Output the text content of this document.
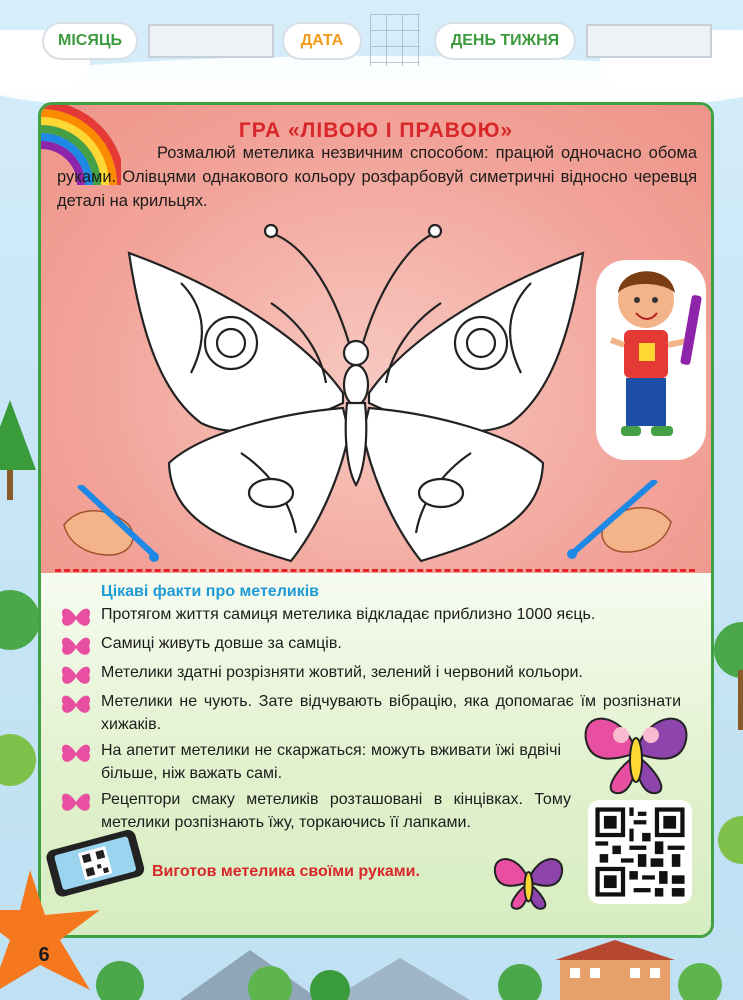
МІСЯЦЬ	ДАТА	ДЕНЬ ТИЖНЯ
ГРА «ЛІВОЮ І ПРАВОЮ»
Розмалюй метелика незвичним способом: працюй одночасно обома руками. Олівцями однакового кольору розфарбовуй симетричні відносно черевця деталі на крильцях.
Цікаві факти про метеликів
Протягом життя самиця метелика відкладає приблизно 1000 яєць.
Самиці живуть довше за самців.
Метелики здатні розрізняти жовтий, зелений і червоний кольори.
Метелики не чують. Зате відчувають вібрацію, яка допомагає їм розпізнати хижаків.
На апетит метелики не скаржаться: можуть вживати їжі вдвічі більше, ніж важать самі.
Рецептори смаку метеликів розташовані в кінцівках. Тому метелики розпізнають їжу, торкаючись її лапками.
Виготов метелика своїми руками.
6
